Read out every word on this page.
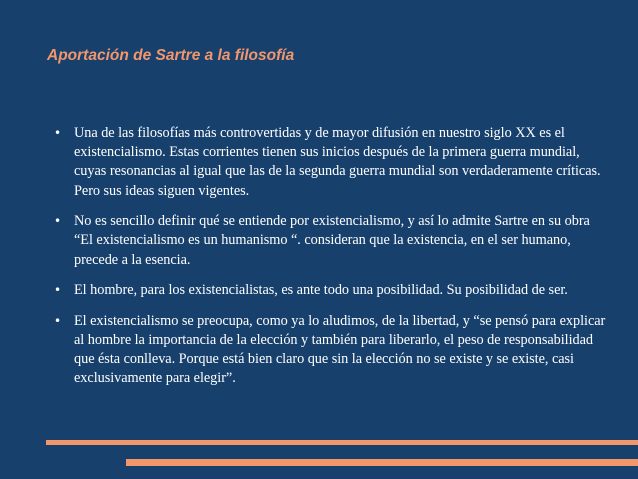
Aportación de Sartre a la filosofía
• Una de las filosofías más controvertidas y de mayor difusión en nuestro siglo XX es el existencialismo. Estas corrientes tienen sus inicios después de la primera guerra mundial, cuyas resonancias al igual que las de la segunda guerra mundial son verdaderamente críticas. Pero sus ideas siguen vigentes.
• No es sencillo definir qué se entiende por existencialismo, y así lo admite Sartre en su obra “El existencialismo es un humanismo “. consideran que la existencia, en el ser humano, precede a la esencia.
• El hombre, para los existencialistas, es ante todo una posibilidad. Su posibilidad de ser.
• El existencialismo se preocupa, como ya lo aludimos, de la libertad, y “se pensó para explicar al hombre la importancia de la elección y también para liberarlo, el peso de responsabilidad que ésta conlleva. Porque está bien claro que sin la elección no se existe y se existe, casi exclusivamente para elegir”.
